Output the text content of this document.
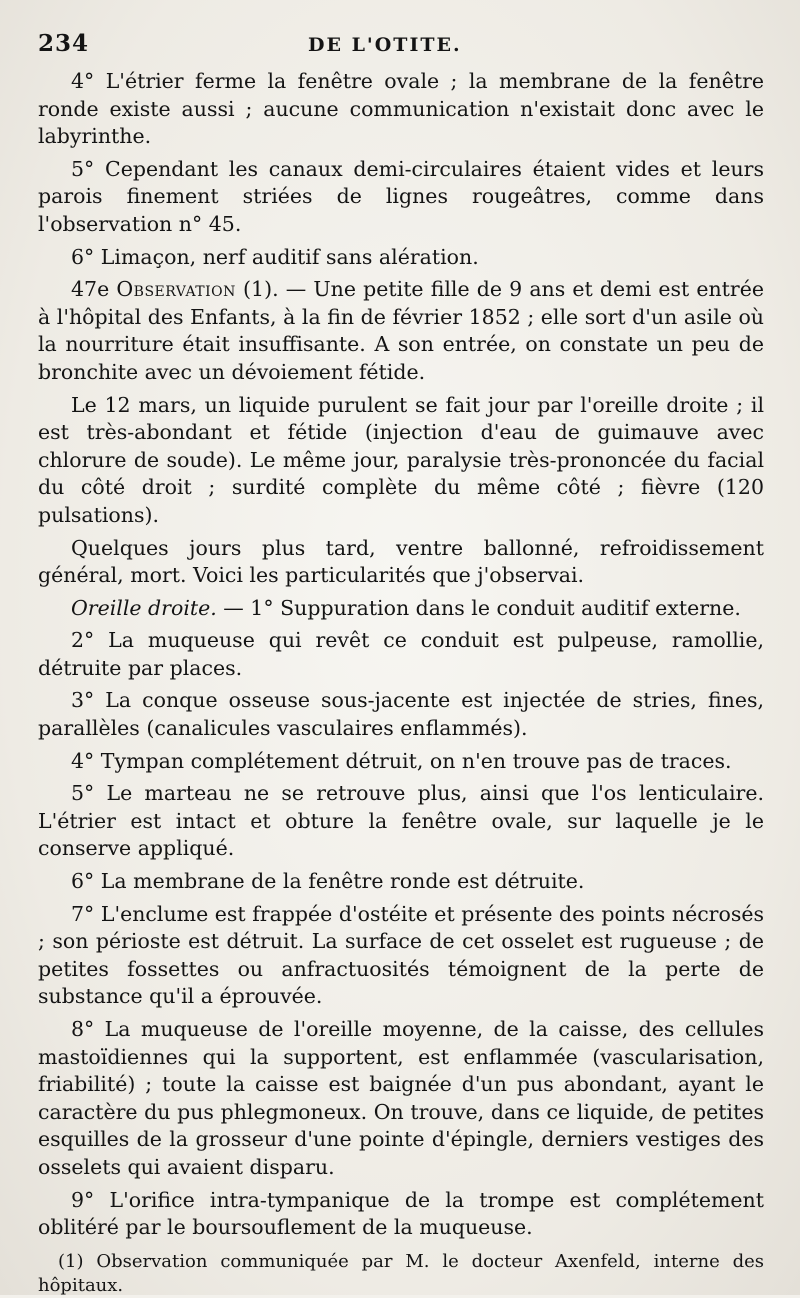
234	DE L'OTITE.

4° L'étrier ferme la fenêtre ovale ; la membrane de la fenêtre ronde existe aussi ; aucune communication n'existait donc avec le labyrinthe.

5° Cependant les canaux demi-circulaires étaient vides et leurs parois finement striées de lignes rougeâtres, comme dans l'observation n° 45.

6° Limaçon, nerf auditif sans alération.

47e Observation (1). — Une petite fille de 9 ans et demi est entrée à l'hôpital des Enfants, à la fin de février 1852 ; elle sort d'un asile où la nourriture était insuffisante. A son entrée, on constate un peu de bronchite avec un dévoiement fétide.

Le 12 mars, un liquide purulent se fait jour par l'oreille droite ; il est très-abondant et fétide (injection d'eau de guimauve avec chlorure de soude). Le même jour, paralysie très-prononcée du facial du côté droit ; surdité complète du même côté ; fièvre (120 pulsations).

Quelques jours plus tard, ventre ballonné, refroidissement général, mort. Voici les particularités que j'observai.

Oreille droite. — 1° Suppuration dans le conduit auditif externe.

2° La muqueuse qui revêt ce conduit est pulpeuse, ramollie, détruite par places.

3° La conque osseuse sous-jacente est injectée de stries, fines, parallèles (canalicules vasculaires enflammés).

4° Tympan complétement détruit, on n'en trouve pas de traces.

5° Le marteau ne se retrouve plus, ainsi que l'os lenticulaire. L'étrier est intact et obture la fenêtre ovale, sur laquelle je le conserve appliqué.

6° La membrane de la fenêtre ronde est détruite.

7° L'enclume est frappée d'ostéite et présente des points nécrosés ; son périoste est détruit. La surface de cet osselet est rugueuse ; de petites fossettes ou anfractuosités témoignent de la perte de substance qu'il a éprouvée.

8° La muqueuse de l'oreille moyenne, de la caisse, des cellules mastoïdiennes qui la supportent, est enflammée (vascularisation, friabilité) ; toute la caisse est baignée d'un pus abondant, ayant le caractère du pus phlegmoneux. On trouve, dans ce liquide, de petites esquilles de la grosseur d'une pointe d'épingle, derniers vestiges des osselets qui avaient disparu.

9° L'orifice intra-tympanique de la trompe est complétement oblitéré par le boursouflement de la muqueuse.

(1) Observation communiquée par M. le docteur Axenfeld, interne des hôpitaux.
